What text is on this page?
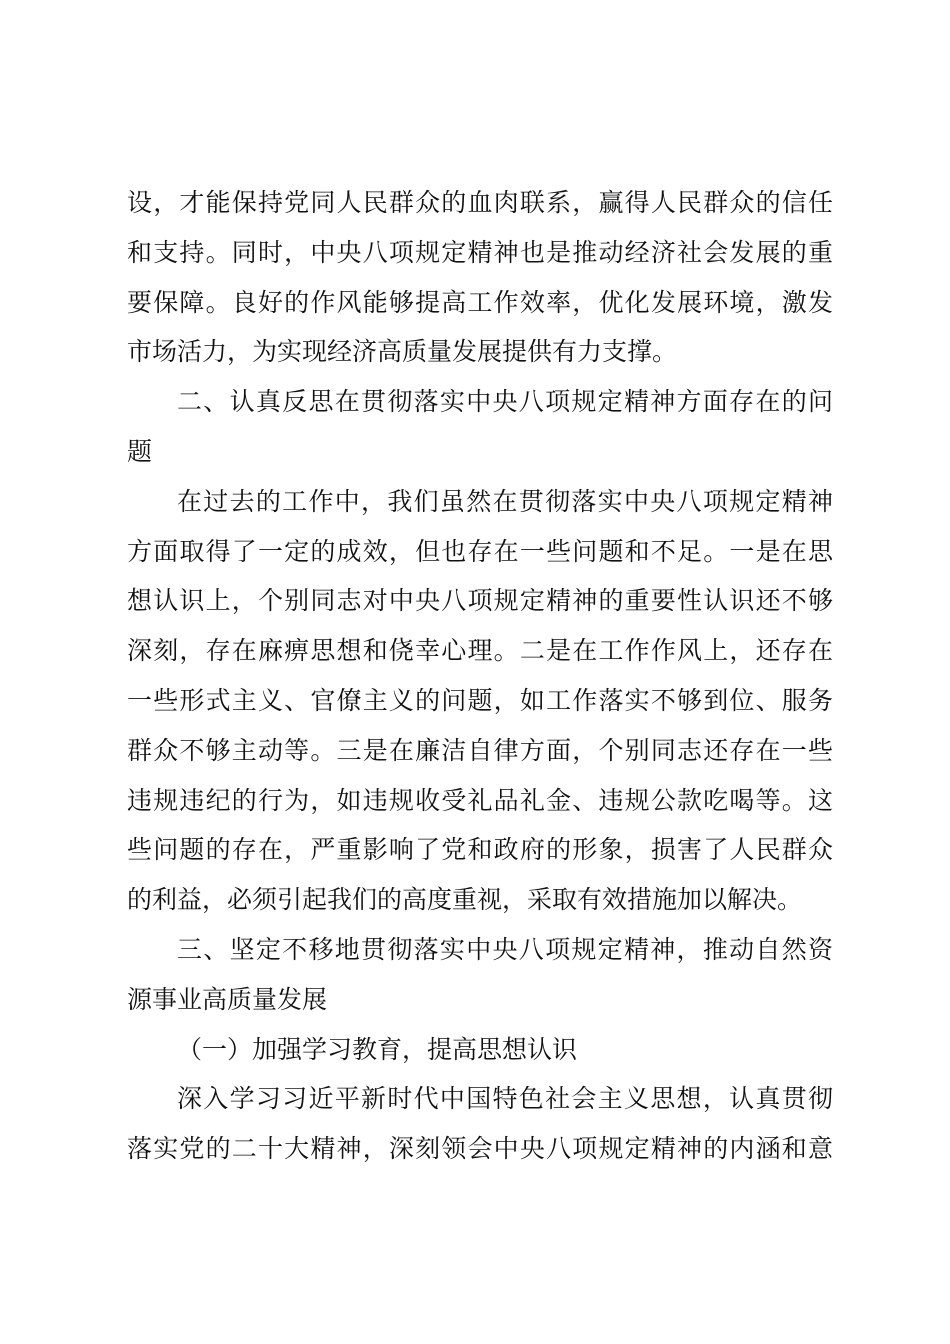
设，才能保持党同人民群众的血肉联系，赢得人民群众的信任
和支持。同时，中央八项规定精神也是推动经济社会发展的重
要保障。良好的作风能够提高工作效率，优化发展环境，激发
市场活力，为实现经济高质量发展提供有力支撑。
二、认真反思在贯彻落实中央八项规定精神方面存在的问
题
在过去的工作中，我们虽然在贯彻落实中央八项规定精神
方面取得了一定的成效，但也存在一些问题和不足。一是在思
想认识上，个别同志对中央八项规定精神的重要性认识还不够
深刻，存在麻痹思想和侥幸心理。二是在工作作风上，还存在
一些形式主义、官僚主义的问题，如工作落实不够到位、服务
群众不够主动等。三是在廉洁自律方面，个别同志还存在一些
违规违纪的行为，如违规收受礼品礼金、违规公款吃喝等。这
些问题的存在，严重影响了党和政府的形象，损害了人民群众
的利益，必须引起我们的高度重视，采取有效措施加以解决。
三、坚定不移地贯彻落实中央八项规定精神，推动自然资
源事业高质量发展
（一）加强学习教育，提高思想认识
深入学习习近平新时代中国特色社会主义思想，认真贯彻
落实党的二十大精神，深刻领会中央八项规定精神的内涵和意
